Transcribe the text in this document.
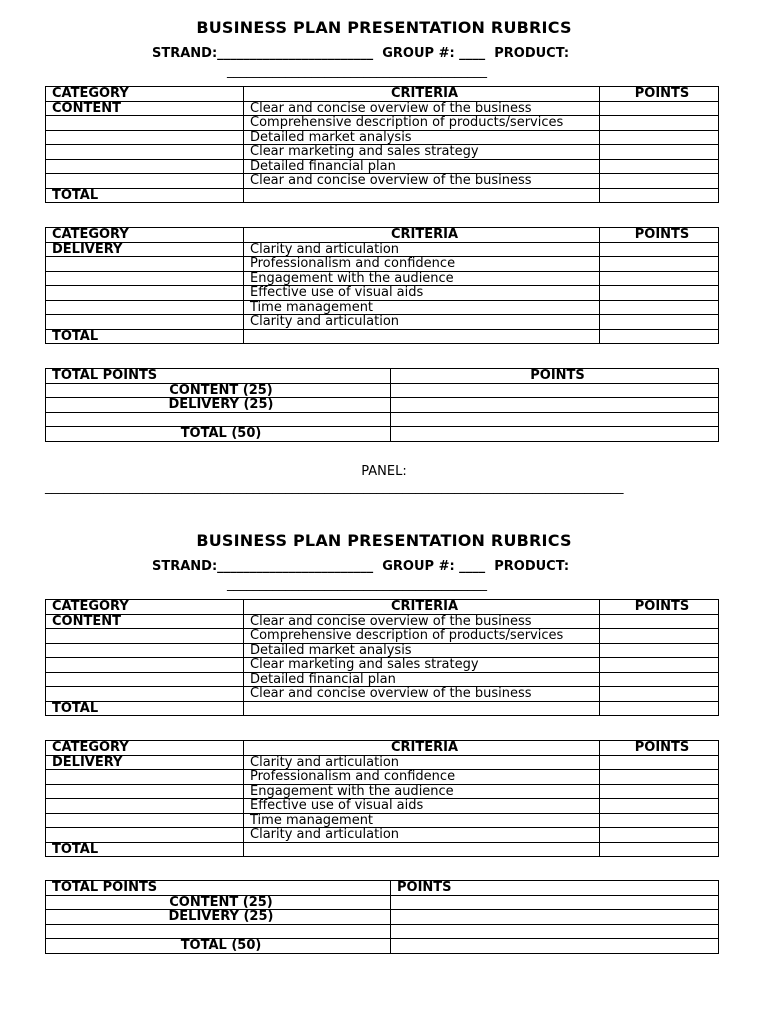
BUSINESS PLAN PRESENTATION RUBRICS
STRAND:________________________  GROUP #: ____  PRODUCT:
________________________________________
CATEGORY	CRITERIA	POINTS
CONTENT	Clear and concise overview of the business	
	Comprehensive description of products/services	
	Detailed market analysis	
	Clear marketing and sales strategy	
	Detailed financial plan	
	Clear and concise overview of the business	
TOTAL		
CATEGORY	CRITERIA	POINTS
DELIVERY	Clarity and articulation	
	Professionalism and confidence	
	Engagement with the audience	
	Effective use of visual aids	
	Time management	
	Clarity and articulation	
TOTAL		
TOTAL POINTS	POINTS
CONTENT (25)	
DELIVERY (25)	

TOTAL (50)	
PANEL:
_________________________________________________________________________________________
BUSINESS PLAN PRESENTATION RUBRICS
STRAND:________________________  GROUP #: ____  PRODUCT:
________________________________________
CATEGORY	CRITERIA	POINTS
CONTENT	Clear and concise overview of the business	
	Comprehensive description of products/services	
	Detailed market analysis	
	Clear marketing and sales strategy	
	Detailed financial plan	
	Clear and concise overview of the business	
TOTAL		
CATEGORY	CRITERIA	POINTS
DELIVERY	Clarity and articulation	
	Professionalism and confidence	
	Engagement with the audience	
	Effective use of visual aids	
	Time management	
	Clarity and articulation	
TOTAL		
TOTAL POINTS	POINTS
CONTENT (25)	
DELIVERY (25)	

TOTAL (50)	
